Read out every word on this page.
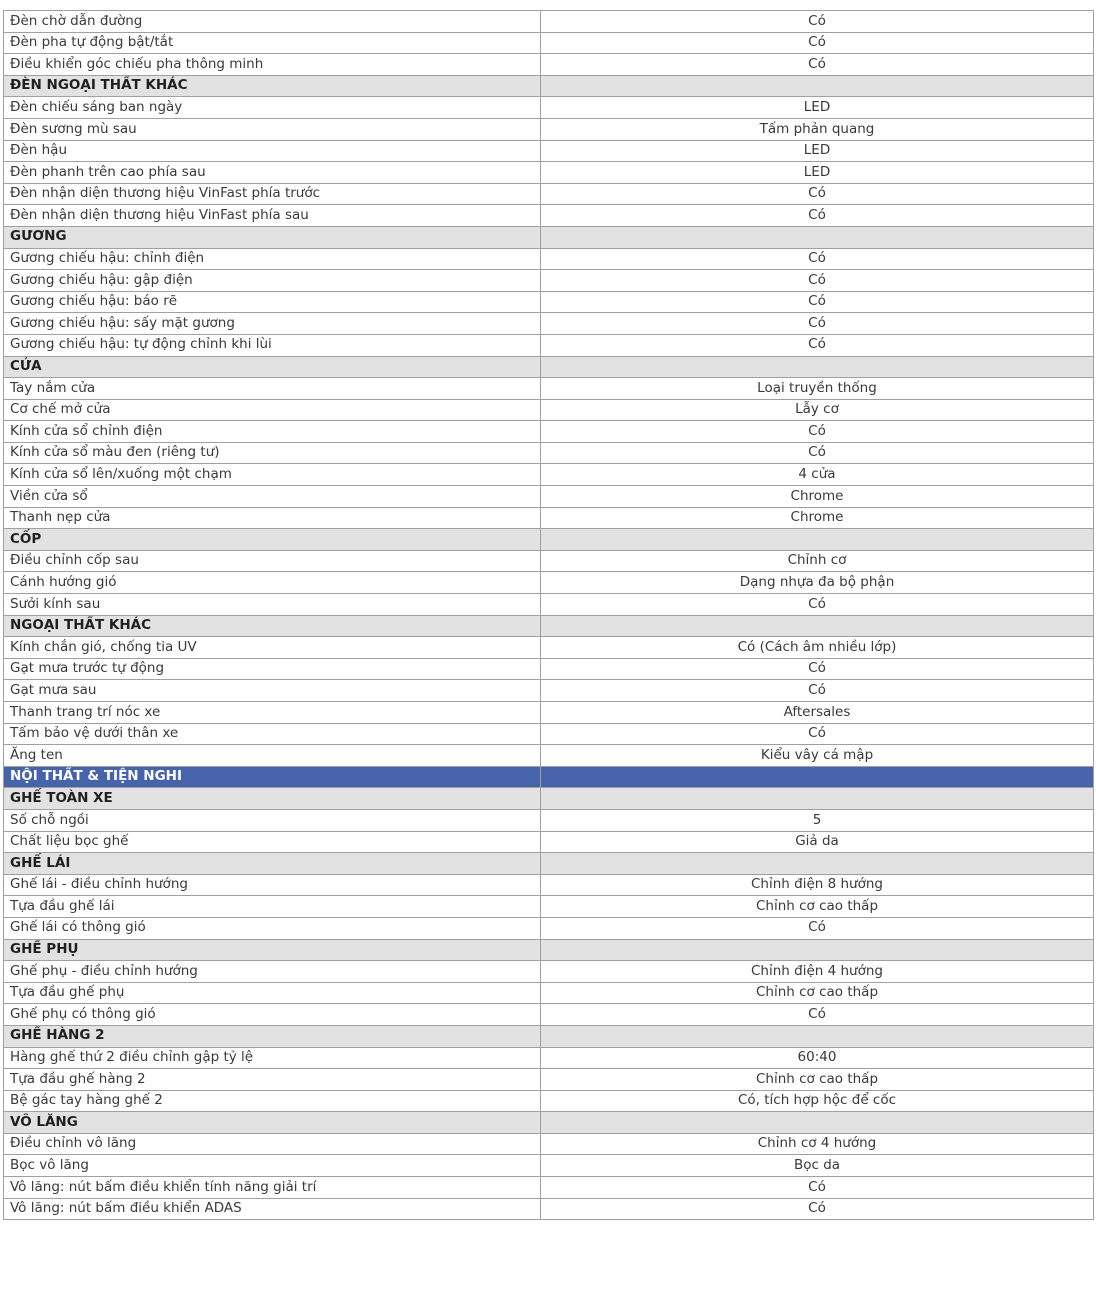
Đèn chờ dẫn đường	Có
Đèn pha tự động bật/tắt	Có
Điều khiển góc chiếu pha thông minh	Có
ĐÈN NGOẠI THẤT KHÁC	
Đèn chiếu sáng ban ngày	LED
Đèn sương mù sau	Tấm phản quang
Đèn hậu	LED
Đèn phanh trên cao phía sau	LED
Đèn nhận diện thương hiệu VinFast phía trước	Có
Đèn nhận diện thương hiệu VinFast phía sau	Có
GƯƠNG	
Gương chiếu hậu: chỉnh điện	Có
Gương chiếu hậu: gập điện	Có
Gương chiếu hậu: báo rẽ	Có
Gương chiếu hậu: sấy mặt gương	Có
Gương chiếu hậu: tự động chỉnh khi lùi	Có
CỬA	
Tay nắm cửa	Loại truyền thống
Cơ chế mở cửa	Lẫy cơ
Kính cửa sổ chỉnh điện	Có
Kính cửa sổ màu đen (riêng tư)	Có
Kính cửa sổ lên/xuống một chạm	4 cửa
Viền cửa sổ	Chrome
Thanh nẹp cửa	Chrome
CỐP	
Điều chỉnh cốp sau	Chỉnh cơ
Cánh hướng gió	Dạng nhựa đa bộ phận
Sưởi kính sau	Có
NGOẠI THẤT KHÁC	
Kính chắn gió, chống tia UV	Có (Cách âm nhiều lớp)
Gạt mưa trước tự động	Có
Gạt mưa sau	Có
Thanh trang trí nóc xe	Aftersales
Tấm bảo vệ dưới thân xe	Có
Ăng ten	Kiểu vây cá mập
NỘI THẤT & TIỆN NGHI	
GHẾ TOÀN XE	
Số chỗ ngồi	5
Chất liệu bọc ghế	Giả da
GHẾ LÁI	
Ghế lái - điều chỉnh hướng	Chỉnh điện 8 hướng
Tựa đầu ghế lái	Chỉnh cơ cao thấp
Ghế lái có thông gió	Có
GHẾ PHỤ	
Ghế phụ - điều chỉnh hướng	Chỉnh điện 4 hướng
Tựa đầu ghế phụ	Chỉnh cơ cao thấp
Ghế phụ có thông gió	Có
GHẾ HÀNG 2	
Hàng ghế thứ 2 điều chỉnh gập tỷ lệ	60:40
Tựa đầu ghế hàng 2	Chỉnh cơ cao thấp
Bệ gác tay hàng ghế 2	Có, tích hợp hộc để cốc
VÔ LĂNG	
Điều chỉnh vô lăng	Chỉnh cơ 4 hướng
Bọc vô lăng	Bọc da
Vô lăng: nút bấm điều khiển tính năng giải trí	Có
Vô lăng: nút bấm điều khiển ADAS	Có
